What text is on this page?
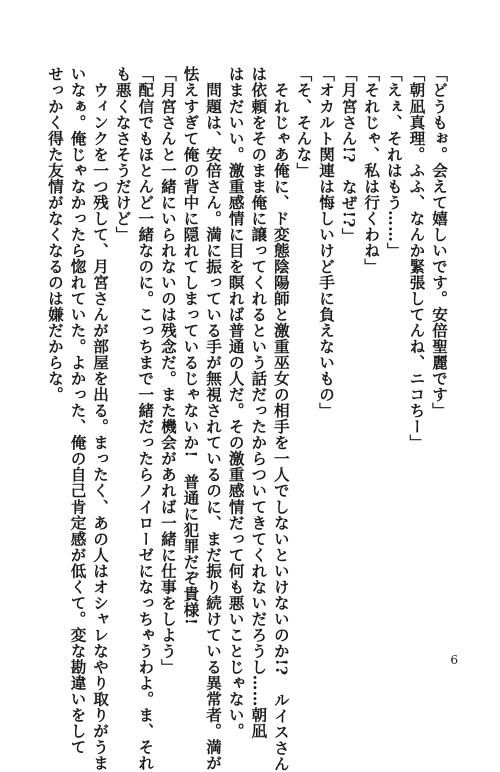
「どうもぉ。会えて嬉しいです。安倍聖麗です」

「朝凪真理。ふふ、なんか緊張してんね、ニコちー」

「えぇ、それはもう……」

「それじゃ、私は行くわね」

「月宮さん!?　なぜ!?」

「オカルト関連は悔しいけど手に負えないもの」

「そ、そんな」

　それじゃあ俺に、ド変態陰陽師と激重巫女の相手を一人でしないといけないのか!?　ルイスさん

は依頼をそのまま俺に譲ってくれるという話だったからついてきてくれないだろうし……朝凪

はまだいい。激重感情に目を瞑れば普通の人だ。その激重感情だって何も悪いことじゃない。

　問題は、安倍さん。満に振っている手が無視されているのに、まだ振り続けている異常者。満が

怯えすぎて俺の背中に隠れてしまっているじゃないか!　普通に犯罪だぞ貴様!

「月宮さんと一緒にいられないのは残念だ。また機会があれば一緒に仕事をしよう」

「配信でもほとんど一緒なのに。こっちまで一緒だったらノイローゼになっちゃうわよ。ま、それ

も悪くなさそうだけど」

　ウィンクを一つ残して、月宮さんが部屋を出る。まったく、あの人はオシャレなやり取りがうま

いなぁ。俺じゃなかったら惚れていた。よかった、俺の自己肯定感が低くて。変な勘違いをして

せっかく得た友情がなくなるのは嫌だからな。

6
